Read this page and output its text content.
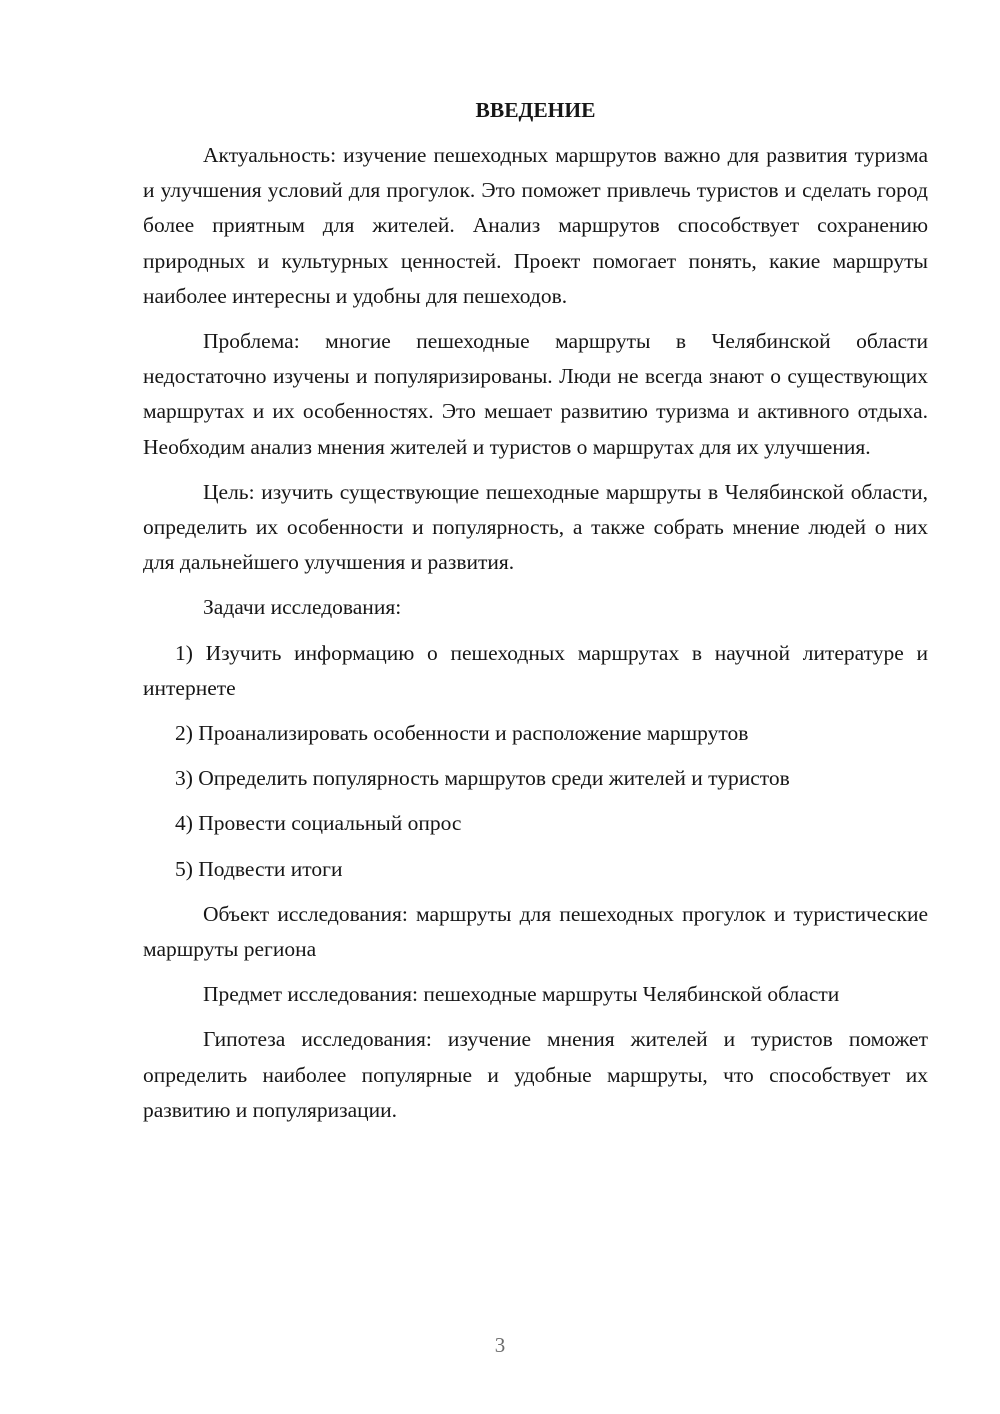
ВВЕДЕНИЕ

Актуальность: изучение пешеходных маршрутов важно для развития туризма и улучшения условий для прогулок. Это поможет привлечь туристов и сделать город более приятным для жителей. Анализ маршрутов способствует сохранению природных и культурных ценностей. Проект помогает понять, какие маршруты наиболее интересны и удобны для пешеходов.

Проблема: многие пешеходные маршруты в Челябинской области недостаточно изучены и популяризированы. Люди не всегда знают о существующих маршрутах и их особенностях. Это мешает развитию туризма и активного отдыха. Необходим анализ мнения жителей и туристов о маршрутах для их улучшения.

Цель: изучить существующие пешеходные маршруты в Челябинской области, определить их особенности и популярность, а также собрать мнение людей о них для дальнейшего улучшения и развития.

Задачи исследования:

1) Изучить информацию о пешеходных маршрутах в научной литературе и интернете

2) Проанализировать особенности и расположение маршрутов

3) Определить популярность маршрутов среди жителей и туристов

4) Провести социальный опрос

5) Подвести итоги

Объект исследования: маршруты для пешеходных прогулок и туристические маршруты региона

Предмет исследования: пешеходные маршруты Челябинской области

Гипотеза исследования: изучение мнения жителей и туристов поможет определить наиболее популярные и удобные маршруты, что способствует их развитию и популяризации.

3
